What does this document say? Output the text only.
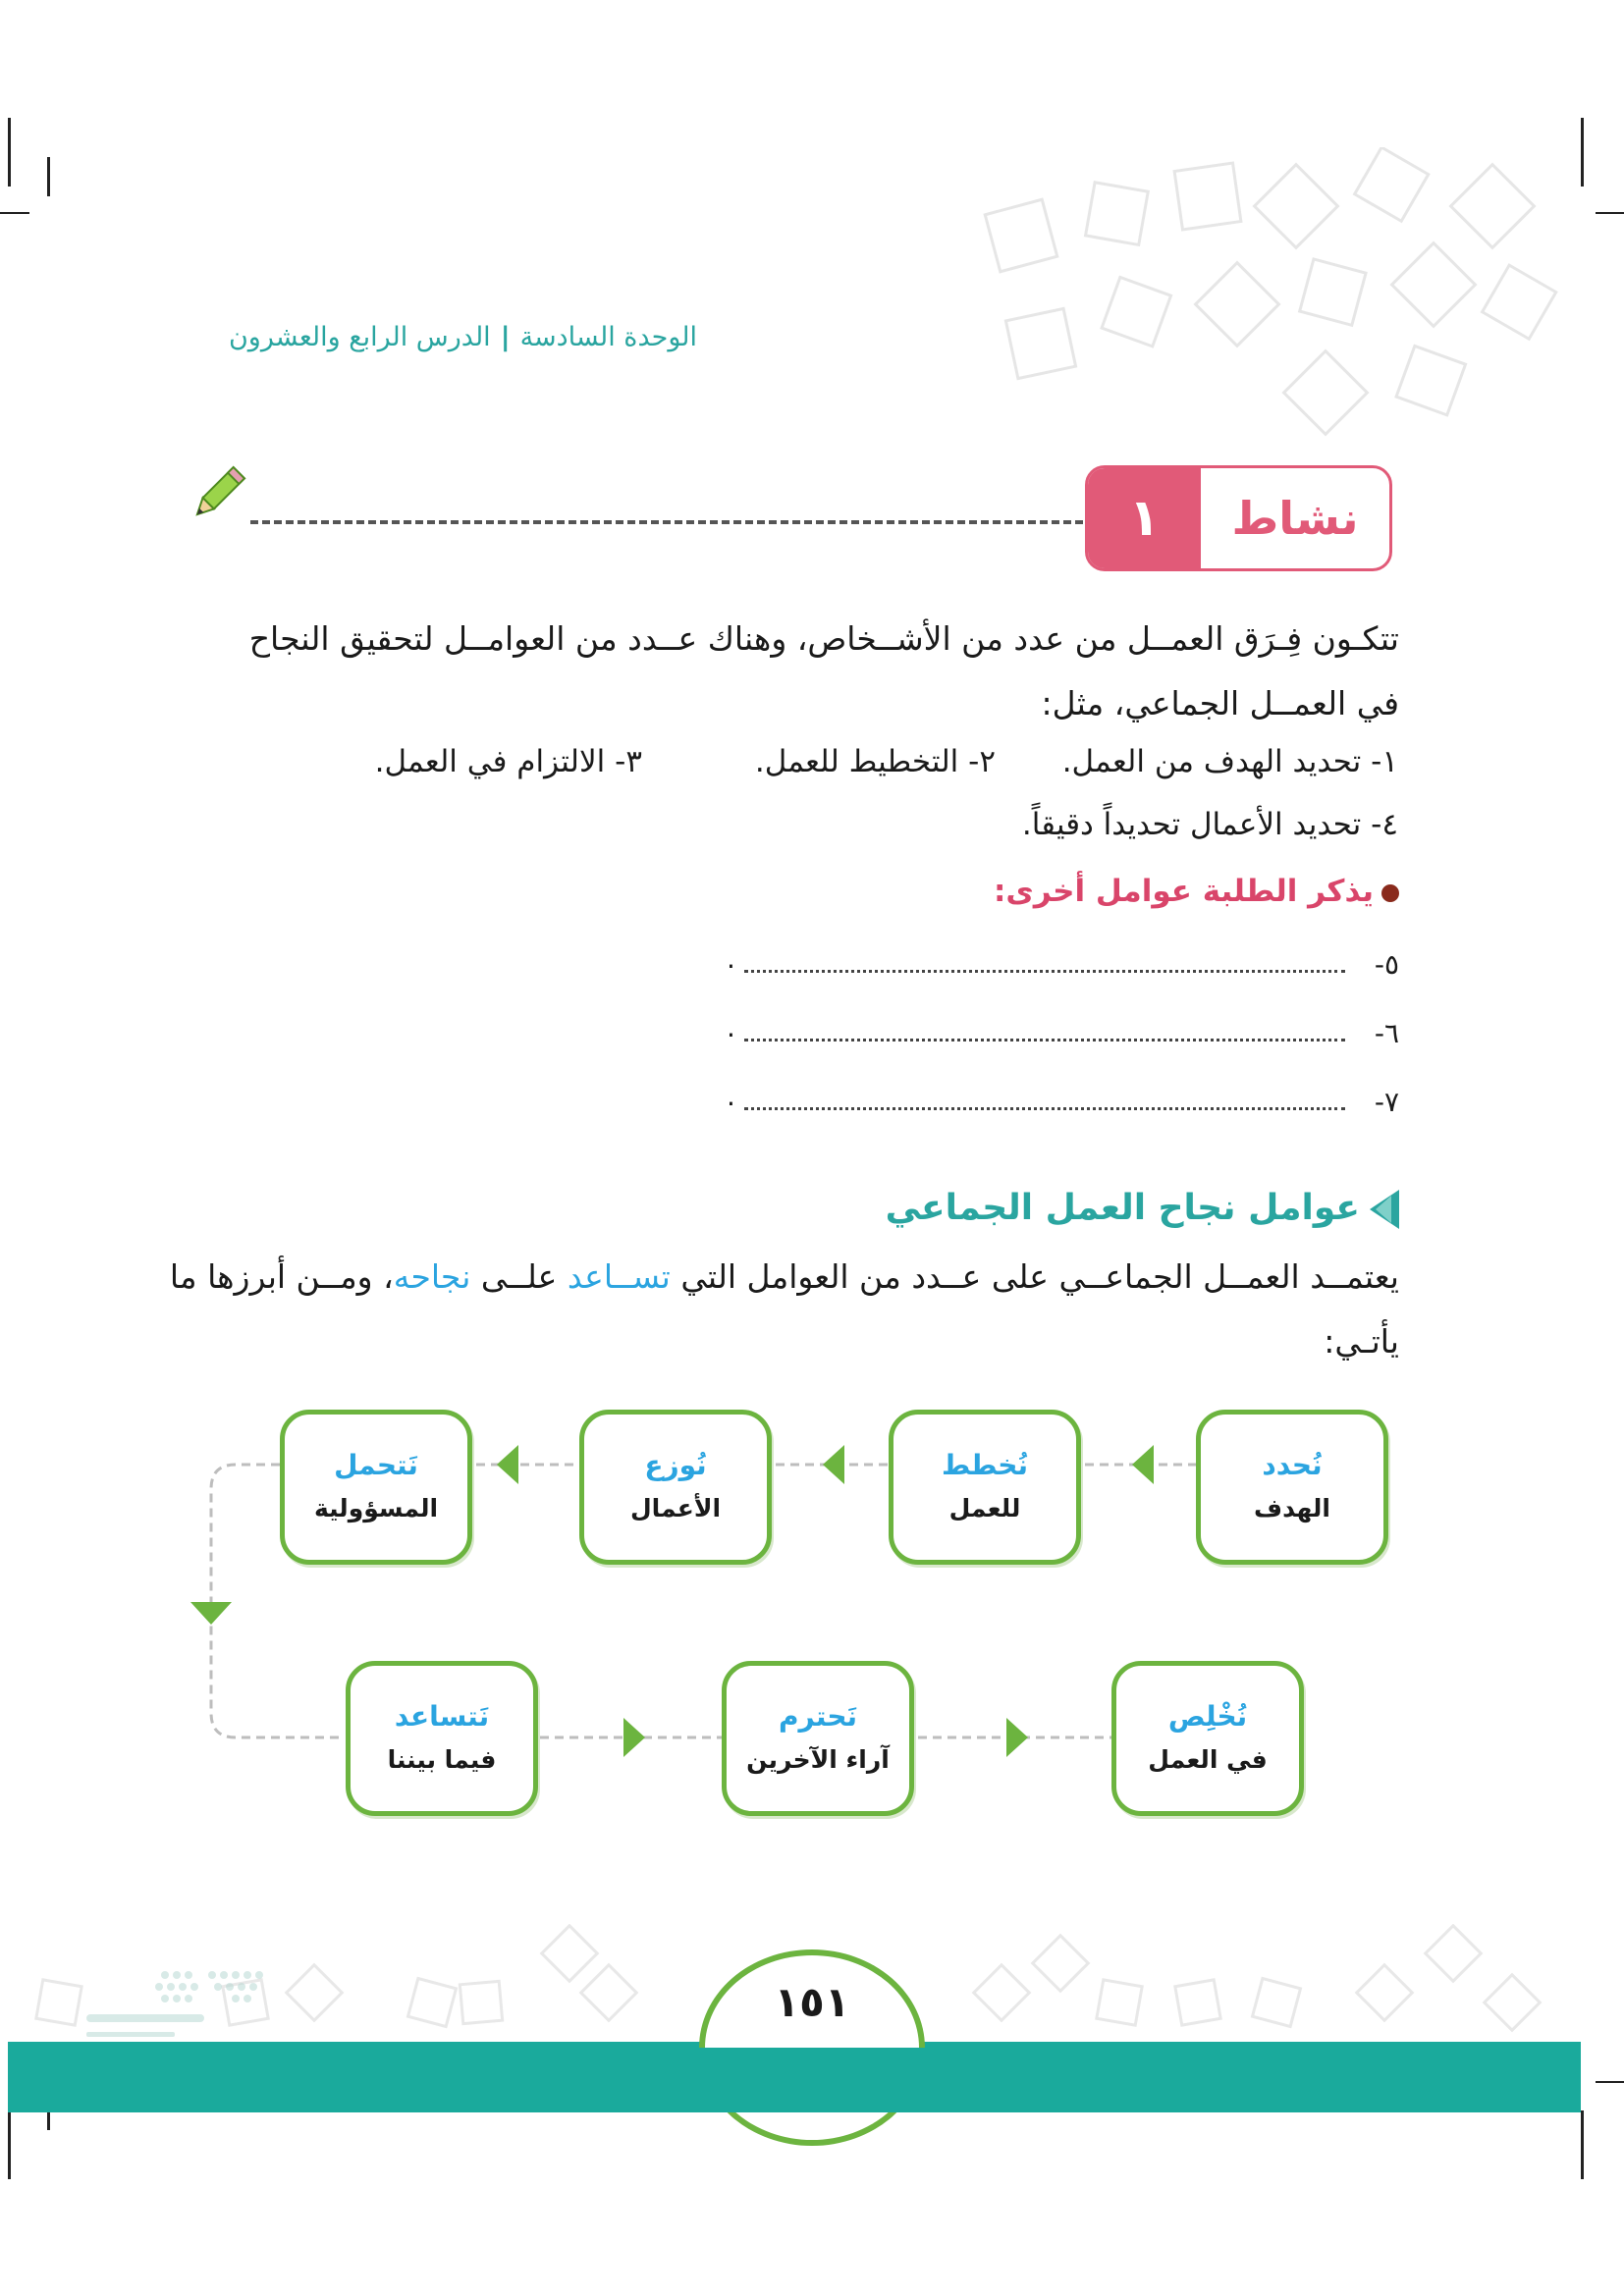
الوحدة السادسة|الدرس الرابع والعشرون
١	نشاط
تتكـون فِـرَق العمــل من عدد من الأشــخاص، وهناك عــدد من العوامــل لتحقيق النجاح
في العمــل الجماعي، مثل:
١- تحديد الهدف من العمل.
٢- التخطيط للعمل.
٣- الالتزام في العمل.
٤- تحديد الأعمال تحديداً دقيقاً.
يذكر الطلبة عوامل أخرى:
٥-
.
٦-
.
٧-
.
عوامل نجاح العمل الجماعي
يعتمــد العمــل الجماعــي على عــدد من العوامل التي تســاعد علــى نجاحه، ومــن أبرزها ما
يأتـي:
نُحدد
الهدف
نُخطط
للعمل
نُوزع
الأعمال
نَتحمل
المسؤولية
نُخْلِص
في العمل
نَحترم
آراء الآخرين
نَتساعد
فيما بيننا
١٥١
